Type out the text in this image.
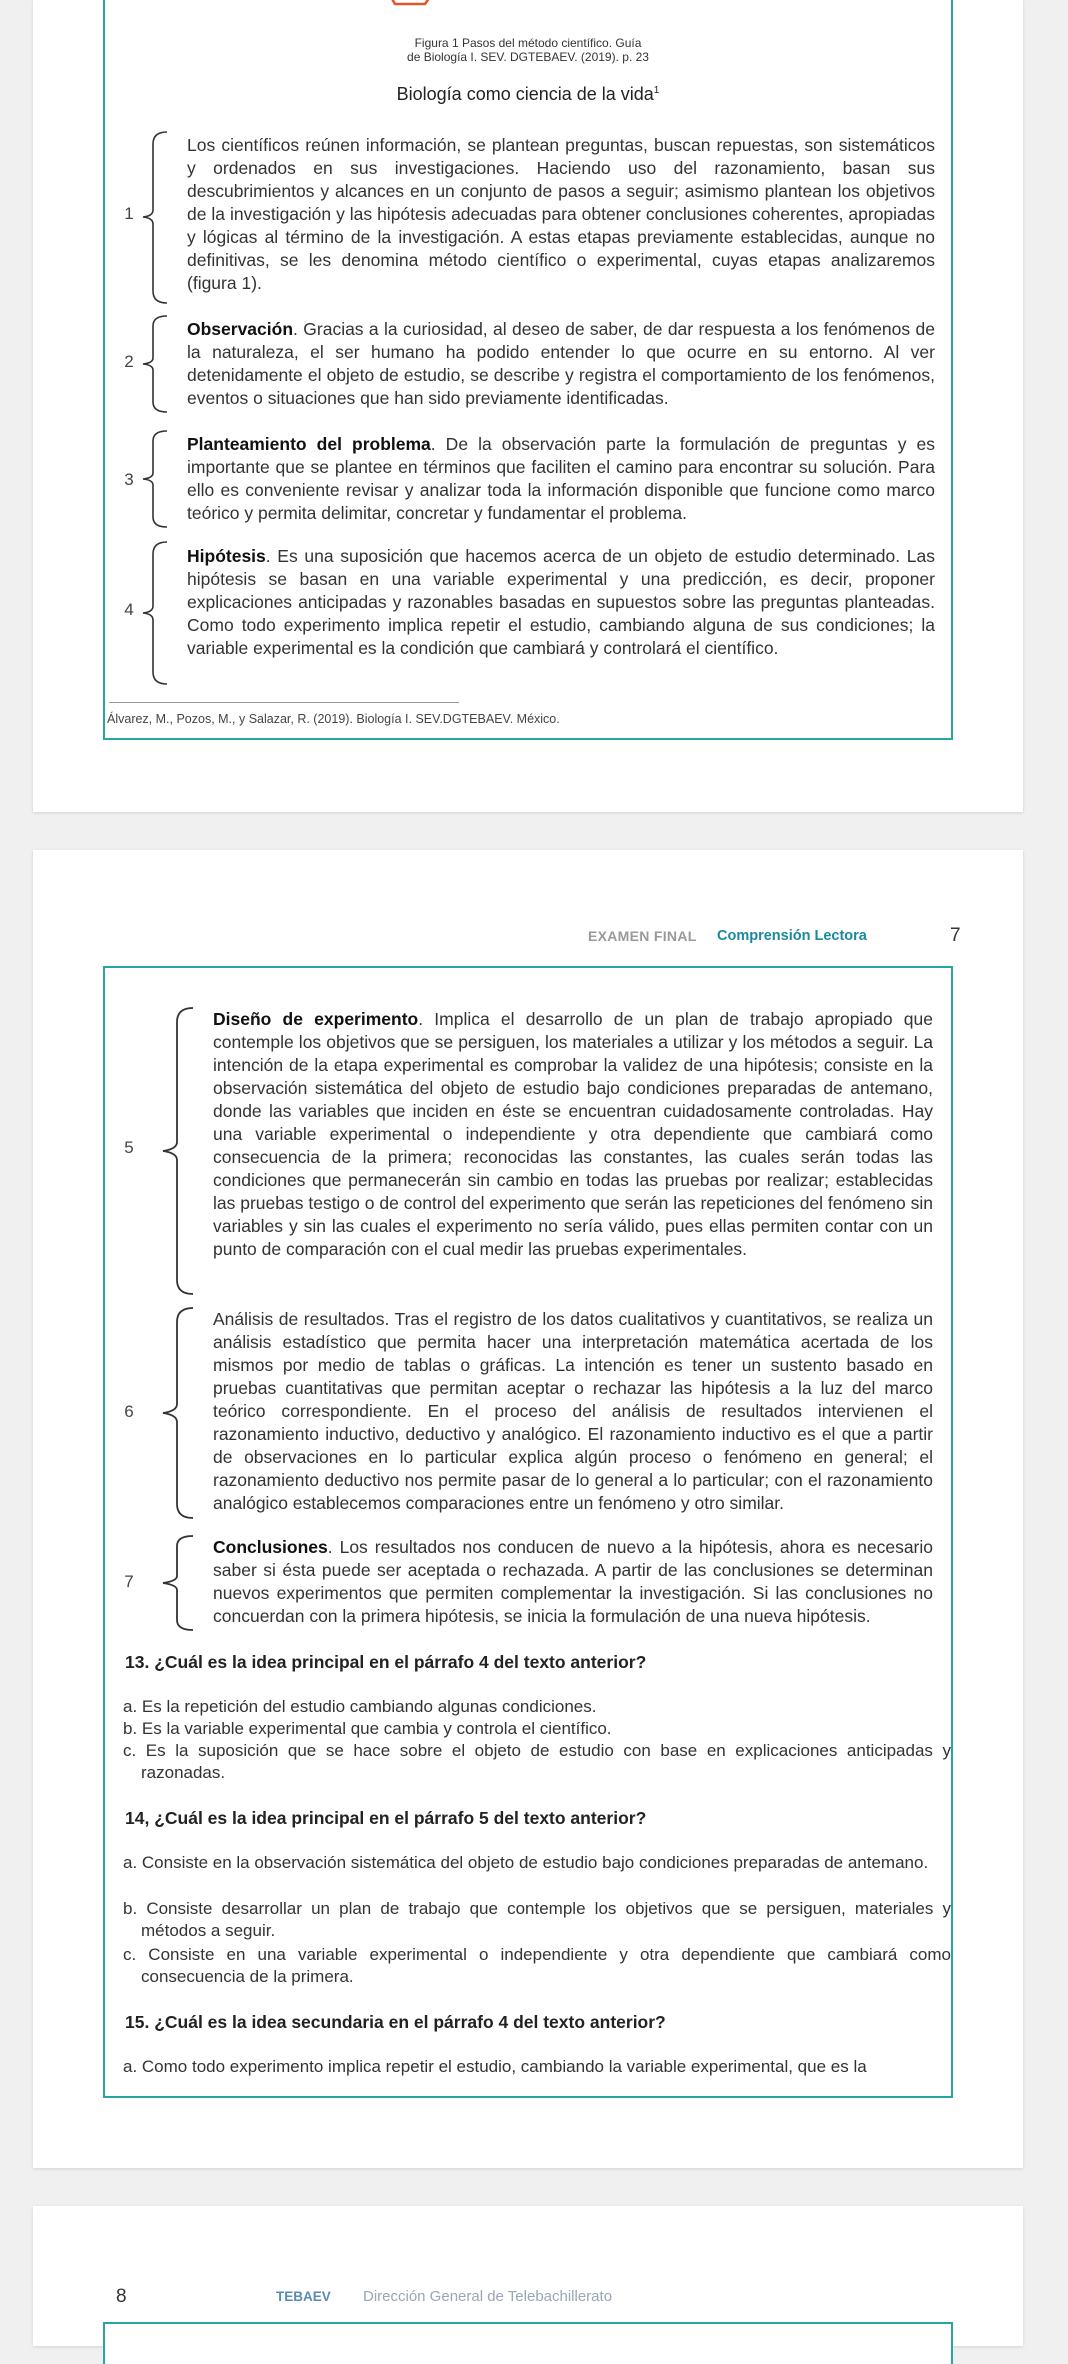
Figura 1 Pasos del método científico. Guía
de Biología I. SEV. DGTEBAEV. (2019). p. 23
Biología como ciencia de la vida$^1$
1
Los científicos reúnen información, se plantean preguntas, buscan repuestas, son sistemáticos y ordenados en sus investigaciones. Haciendo uso del razonamiento, basan sus descubrimientos y alcances en un conjunto de pasos a seguir; asimismo plantean los objetivos de la investigación y las hipótesis adecuadas para obtener conclusiones coherentes, apropiadas y lógicas al término de la investigación. A estas etapas previamente establecidas, aunque no definitivas, se les denomina método científico o experimental, cuyas etapas analizaremos (figura 1).
2
Observación. Gracias a la curiosidad, al deseo de saber, de dar respuesta a los fenómenos de la naturaleza, el ser humano ha podido entender lo que ocurre en su entorno. Al ver detenidamente el objeto de estudio, se describe y registra el comportamiento de los fenómenos, eventos o situaciones que han sido previamente identificadas.
3
Planteamiento del problema. De la observación parte la formulación de preguntas y es importante que se plantee en términos que faciliten el camino para encontrar su solución. Para ello es conveniente revisar y analizar toda la información disponible que funcione como marco teórico y permita delimitar, concretar y fundamentar el problema.
4
Hipótesis. Es una suposición que hacemos acerca de un objeto de estudio determinado. Las hipótesis se basan en una variable experimental y una predicción, es decir, proponer explicaciones anticipadas y razonables basadas en supuestos sobre las preguntas planteadas. Como todo experimento implica repetir el estudio, cambiando alguna de sus condiciones; la variable experimental es la condición que cambiará y controlará el científico.
Álvarez, M., Pozos, M., y Salazar, R. (2019). Biología I. SEV.DGTEBAEV. México.
EXAMEN FINAL Comprensión Lectora	7
5
Diseño de experimento. Implica el desarrollo de un plan de trabajo apropiado que contemple los objetivos que se persiguen, los materiales a utilizar y los métodos a seguir. La intención de la etapa experimental es comprobar la validez de una hipótesis; consiste en la observación sistemática del objeto de estudio bajo condiciones preparadas de antemano, donde las variables que inciden en éste se encuentran cuidadosamente controladas. Hay una variable experimental o independiente y otra dependiente que cambiará como consecuencia de la primera; reconocidas las constantes, las cuales serán todas las condiciones que permanecerán sin cambio en todas las pruebas por realizar; establecidas las pruebas testigo o de control del experimento que serán las repeticiones del fenómeno sin variables y sin las cuales el experimento no sería válido, pues ellas permiten contar con un punto de comparación con el cual medir las pruebas experimentales.
6
Análisis de resultados. Tras el registro de los datos cualitativos y cuantitativos, se realiza un análisis estadístico que permita hacer una interpretación matemática acertada de los mismos por medio de tablas o gráficas. La intención es tener un sustento basado en pruebas cuantitativas que permitan aceptar o rechazar las hipótesis a la luz del marco teórico correspondiente. En el proceso del análisis de resultados intervienen el razonamiento inductivo, deductivo y analógico. El razonamiento inductivo es el que a partir de observaciones en lo particular explica algún proceso o fenómeno en general; el razonamiento deductivo nos permite pasar de lo general a lo particular; con el razonamiento analógico establecemos comparaciones entre un fenómeno y otro similar.
7
Conclusiones. Los resultados nos conducen de nuevo a la hipótesis, ahora es necesario saber si ésta puede ser aceptada o rechazada. A partir de las conclusiones se determinan nuevos experimentos que permiten complementar la investigación. Si las conclusiones no concuerdan con la primera hipótesis, se inicia la formulación de una nueva hipótesis.
13. ¿Cuál es la idea principal en el párrafo 4 del texto anterior?
a. Es la repetición del estudio cambiando algunas condiciones.
b. Es la variable experimental que cambia y controla el científico.
c. Es la suposición que se hace sobre el objeto de estudio con base en explicaciones anticipadas y razonadas.
14, ¿Cuál es la idea principal en el párrafo 5 del texto anterior?
a. Consiste en la observación sistemática del objeto de estudio bajo condiciones preparadas de antemano.
b. Consiste desarrollar un plan de trabajo que contemple los objetivos que se persiguen, materiales y métodos a seguir.
c. Consiste en una variable experimental o independiente y otra dependiente que cambiará como consecuencia de la primera.
15. ¿Cuál es la idea secundaria en el párrafo 4 del texto anterior?
a. Como todo experimento implica repetir el estudio, cambiando la variable experimental, que es la
8	TEBAEV Dirección General de Telebachillerato
